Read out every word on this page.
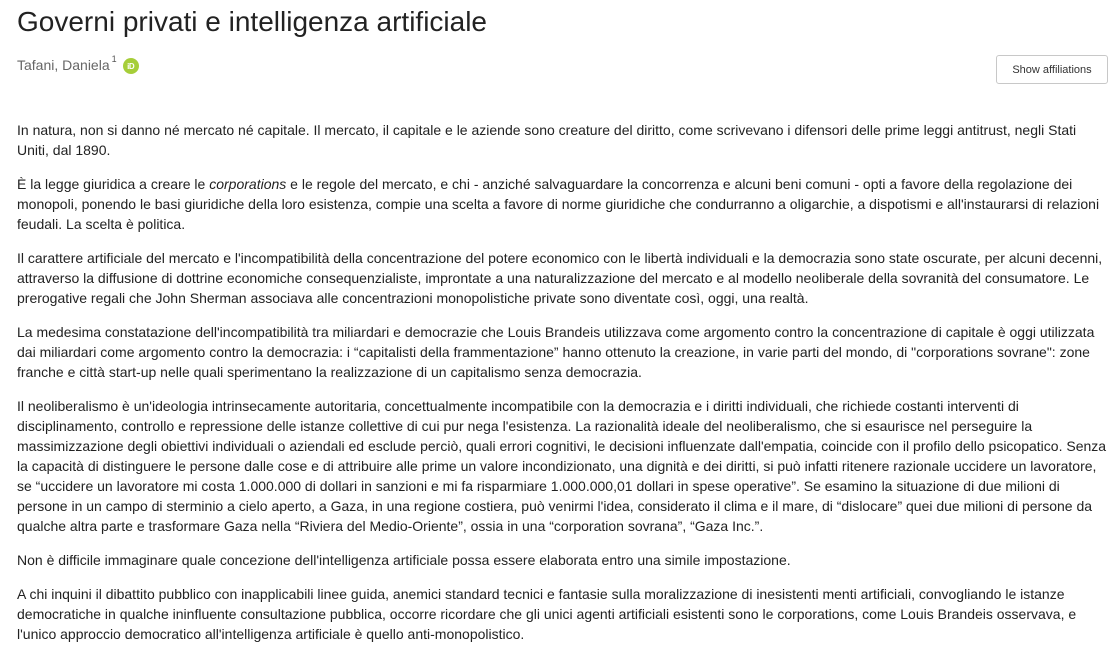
Governi privati e intelligenza artificiale
Tafani, Daniela$^1$
iD	Show affiliations

In natura, non si danno né mercato né capitale. Il mercato, il capitale e le aziende sono creature del diritto, come scrivevano i difensori delle prime leggi antitrust, negli Stati Uniti, dal 1890.

È la legge giuridica a creare le corporations e le regole del mercato, e chi - anziché salvaguardare la concorrenza e alcuni beni comuni - opti a favore della regolazione dei monopoli, ponendo le basi giuridiche della loro esistenza, compie una scelta a favore di norme giuridiche che condurranno a oligarchie, a dispotismi e all'instaurarsi di relazioni feudali. La scelta è politica.

Il carattere artificiale del mercato e l'incompatibilità della concentrazione del potere economico con le libertà individuali e la democrazia sono state oscurate, per alcuni decenni, attraverso la diffusione di dottrine economiche consequenzialiste, improntate a una naturalizzazione del mercato e al modello neoliberale della sovranità del consumatore. Le prerogative regali che John Sherman associava alle concentrazioni monopolistiche private sono diventate così, oggi, una realtà.

La medesima constatazione dell'incompatibilità tra miliardari e democrazie che Louis Brandeis utilizzava come argomento contro la concentrazione di capitale è oggi utilizzata dai miliardari come argomento contro la democrazia: i “capitalisti della frammentazione” hanno ottenuto la creazione, in varie parti del mondo, di "corporations sovrane": zone franche e città start-up nelle quali sperimentano la realizzazione di un capitalismo senza democrazia.

Il neoliberalismo è un'ideologia intrinsecamente autoritaria, concettualmente incompatibile con la democrazia e i diritti individuali, che richiede costanti interventi di disciplinamento, controllo e repressione delle istanze collettive di cui pur nega l'esistenza. La razionalità ideale del neoliberalismo, che si esaurisce nel perseguire la massimizzazione degli obiettivi individuali o aziendali ed esclude perciò, quali errori cognitivi, le decisioni influenzate dall'empatia, coincide con il profilo dello psicopatico. Senza la capacità di distinguere le persone dalle cose e di attribuire alle prime un valore incondizionato, una dignità e dei diritti, si può infatti ritenere razionale uccidere un lavoratore, se “uccidere un lavoratore mi costa 1.000.000 di dollari in sanzioni e mi fa risparmiare 1.000.000,01 dollari in spese operative”. Se esamino la situazione di due milioni di persone in un campo di sterminio a cielo aperto, a Gaza, in una regione costiera, può venirmi l'idea, considerato il clima e il mare, di “dislocare” quei due milioni di persone da qualche altra parte e trasformare Gaza nella “Riviera del Medio-Oriente”, ossia in una “corporation sovrana”, “Gaza Inc.”.

Non è difficile immaginare quale concezione dell'intelligenza artificiale possa essere elaborata entro una simile impostazione.

A chi inquini il dibattito pubblico con inapplicabili linee guida, anemici standard tecnici e fantasie sulla moralizzazione di inesistenti menti artificiali, convogliando le istanze democratiche in qualche ininfluente consultazione pubblica, occorre ricordare che gli unici agenti artificiali esistenti sono le corporations, come Louis Brandeis osservava, e l'unico approccio democratico all'intelligenza artificiale è quello anti-monopolistico.
